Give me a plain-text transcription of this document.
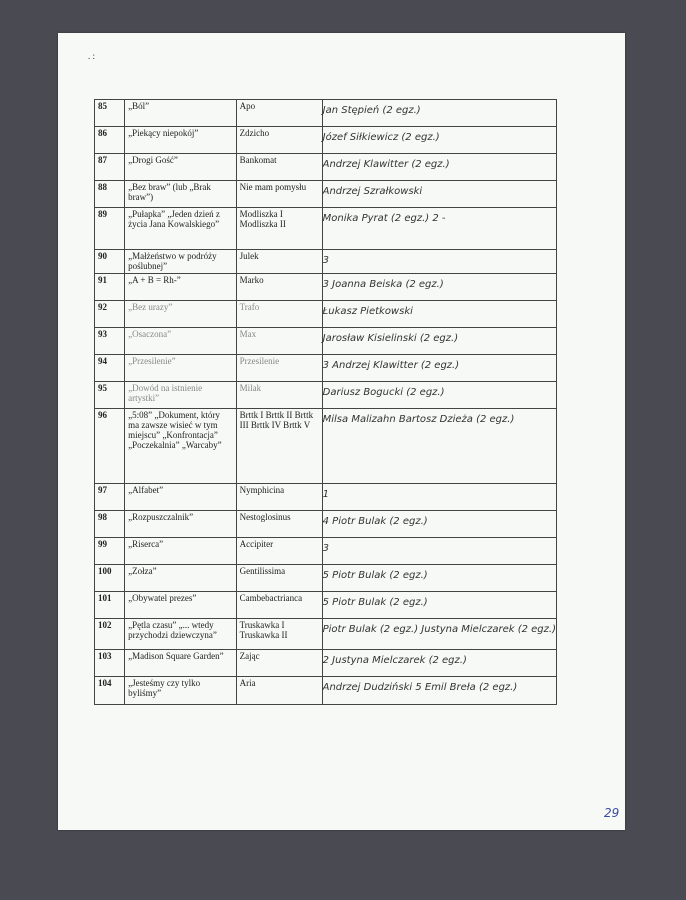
. :
85	„Ból”	Apo	Jan Stępień (2 egz.)

86	„Piekący niepokój”	Zdzicho	Józef Siłkiewicz (2 egz.)

87	„Drogi Gość”	Bankomat	Andrzej Klawitter (2 egz.)

88	„Bez braw” (lub „Brak braw”)	Nie mam pomysłu	Andrzej Szrałkowski

89	„Pułapka” „Jeden dzień z życia Jana Kowalskiego”	Modliszka I Modliszka II	Monika Pyrat (2 egz.) 2 -

90	„Małżeństwo w podróży poślubnej”	Julek	3

91	„A + B = Rh-”	Marko	3 Joanna Beiska (2 egz.)

92	„Bez urazy”	Trafo	Łukasz Pietkowski

93	„Osaczona”	Max	Jarosław Kisielinski (2 egz.)

94	„Przesilenie”	Przesilenie	3 Andrzej Klawitter (2 egz.)

95	„Dowód na istnienie artystki”	Milak	Dariusz Bogucki (2 egz.)

96	„5:08” „Dokument, który ma zawsze wisieć w tym miejscu” „Konfrontacja” „Poczekalnia” „Warcaby”	Brttk I Brttk II Brttk III Brttk IV Brttk V	Milsa Malizahn Bartosz Dzieża (2 egz.)

97	„Alfabet”	Nymphicina	1

98	„Rozpuszczalnik”	Nestoglosinus	4 Piotr Bulak (2 egz.)

99	„Riserca”	Accipiter	3

100	„Zołza”	Gentilissima	5 Piotr Bulak (2 egz.)

101	„Obywatel prezes”	Cambebactrianca	5 Piotr Bulak (2 egz.)

102	„Pętla czasu” „... wtedy przychodzi dziewczyna”	Truskawka I Truskawka II	Piotr Bulak (2 egz.) Justyna Mielczarek (2 egz.)

103	„Madison Square Garden”	Zając	2 Justyna Mielczarek (2 egz.)

104	„Jesteśmy czy tylko byliśmy”	Aria	Andrzej Dudziński 5 Emil Breła (2 egz.)
29
